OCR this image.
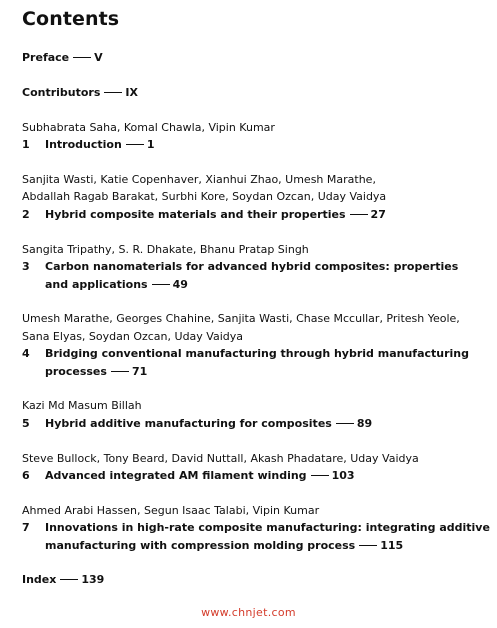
Contents
Preface V
Contributors IX
Subhabrata Saha, Komal Chawla, Vipin Kumar
1 Introduction 1
Sanjita Wasti, Katie Copenhaver, Xianhui Zhao, Umesh Marathe,
Abdallah Ragab Barakat, Surbhi Kore, Soydan Ozcan, Uday Vaidya
2 Hybrid composite materials and their properties 27
Sangita Tripathy, S. R. Dhakate, Bhanu Pratap Singh
3 Carbon nanomaterials for advanced hybrid composites: properties
and applications 49
Umesh Marathe, Georges Chahine, Sanjita Wasti, Chase Mccullar, Pritesh Yeole,
Sana Elyas, Soydan Ozcan, Uday Vaidya
4 Bridging conventional manufacturing through hybrid manufacturing
processes 71
Kazi Md Masum Billah
5 Hybrid additive manufacturing for composites 89
Steve Bullock, Tony Beard, David Nuttall, Akash Phadatare, Uday Vaidya
6 Advanced integrated AM filament winding 103
Ahmed Arabi Hassen, Segun Isaac Talabi, Vipin Kumar
7 Innovations in high-rate composite manufacturing: integrating additive
manufacturing with compression molding process 115
Index 139
www.chnjet.com
